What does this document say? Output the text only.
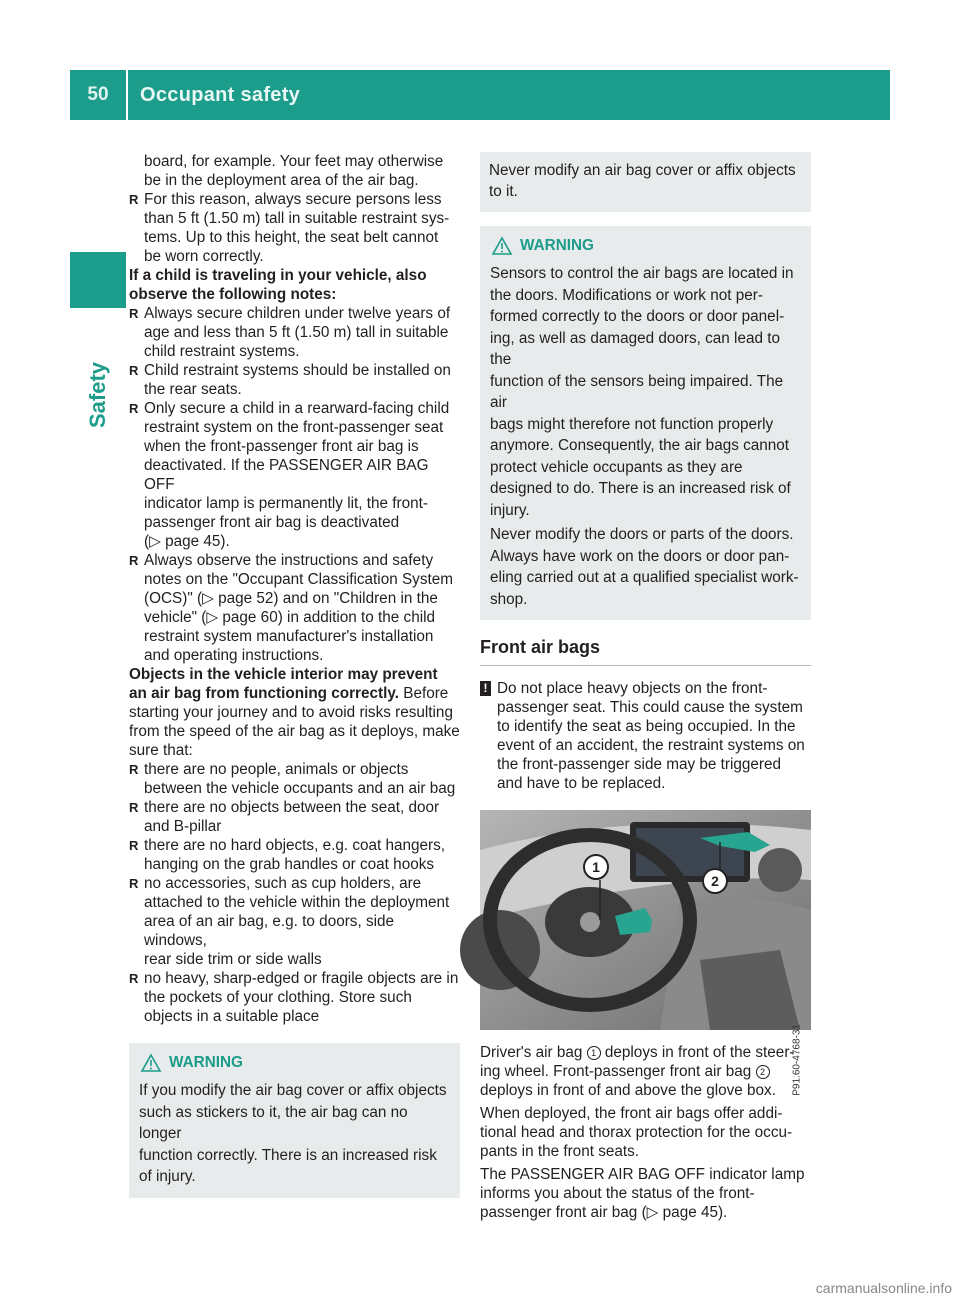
50	Occupant safety
Safety
board, for example. Your feet may otherwise
be in the deployment area of the air bag.
R For this reason, always secure persons less
than 5 ft (1.50 m) tall in suitable restraint sys-
tems. Up to this height, the seat belt cannot
be worn correctly.
If a child is traveling in your vehicle, also
observe the following notes:
R Always secure children under twelve years of
age and less than 5 ft (1.50 m) tall in suitable
child restraint systems.
R Child restraint systems should be installed on
the rear seats.
R Only secure a child in a rearward-facing child
restraint system on the front-passenger seat
when the front-passenger front air bag is
deactivated. If the PASSENGER AIR BAG OFF
indicator lamp is permanently lit, the front-
passenger front air bag is deactivated
(▷ page 45).
R Always observe the instructions and safety
notes on the "Occupant Classification System
(OCS)" (▷ page 52) and on "Children in the
vehicle" (▷ page 60) in addition to the child
restraint system manufacturer's installation
and operating instructions.
Objects in the vehicle interior may prevent
an air bag from functioning correctly. Before
starting your journey and to avoid risks resulting
from the speed of the air bag as it deploys, make
sure that:
R there are no people, animals or objects
between the vehicle occupants and an air bag
R there are no objects between the seat, door
and B-pillar
R there are no hard objects, e.g. coat hangers,
hanging on the grab handles or coat hooks
R no accessories, such as cup holders, are
attached to the vehicle within the deployment
area of an air bag, e.g. to doors, side windows,
rear side trim or side walls
R no heavy, sharp-edged or fragile objects are in
the pockets of your clothing. Store such
objects in a suitable place
WARNING
If you modify the air bag cover or affix objects
such as stickers to it, the air bag can no longer
function correctly. There is an increased risk
of injury.
Never modify an air bag cover or affix objects
to it.
WARNING
Sensors to control the air bags are located in
the doors. Modifications or work not per-
formed correctly to the doors or door panel-
ing, as well as damaged doors, can lead to the
function of the sensors being impaired. The air
bags might therefore not function properly
anymore. Consequently, the air bags cannot
protect vehicle occupants as they are
designed to do. There is an increased risk of
injury.
Never modify the doors or parts of the doors.
Always have work on the doors or door pan-
eling carried out at a qualified specialist work-
shop.
Front air bags
! Do not place heavy objects on the front-
passenger seat. This could cause the system
to identify the seat as being occupied. In the
event of an accident, the restraint systems on
the front-passenger side may be triggered
and have to be replaced.
1
2
P91.60-4768-31
Driver's air bag 1 deploys in front of the steer-
ing wheel. Front-passenger front air bag 2
deploys in front of and above the glove box.
When deployed, the front air bags offer addi-
tional head and thorax protection for the occu-
pants in the front seats.
The PASSENGER AIR BAG OFF indicator lamp
informs you about the status of the front-
passenger front air bag (▷ page 45).
carmanualsonline.info
